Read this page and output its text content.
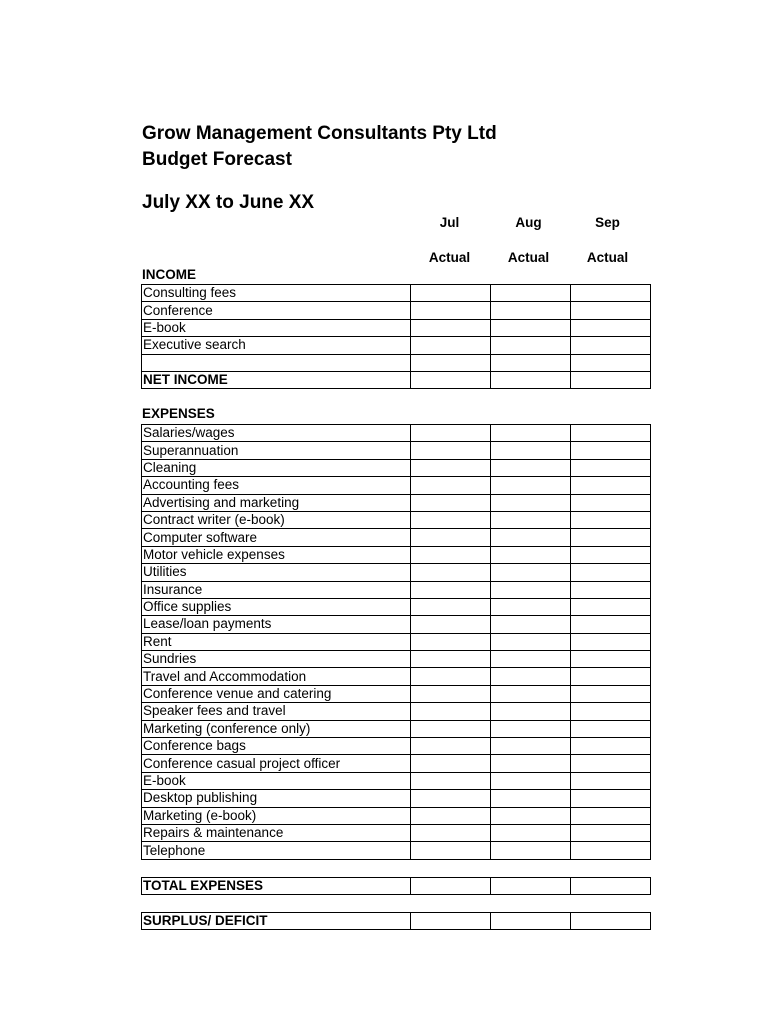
Grow Management Consultants Pty Ltd
Budget Forecast
July XX to June XX
Jul	Aug	Sep
Actual	Actual	Actual
INCOME
Consulting fees			
Conference			
E-book			
Executive search			

NET INCOME			
EXPENSES
Salaries/wages			
Superannuation			
Cleaning			
Accounting fees			
Advertising and marketing			
Contract writer (e-book)			
Computer software			
Motor vehicle expenses			
Utilities			
Insurance			
Office supplies			
Lease/loan payments			
Rent			
Sundries			
Travel and Accommodation			
Conference venue and catering			
Speaker fees and travel			
Marketing (conference only)			
Conference bags			
Conference casual project officer			
E-book			
Desktop publishing			
Marketing (e-book)			
Repairs & maintenance			
Telephone			
TOTAL EXPENSES			
SURPLUS/ DEFICIT			
